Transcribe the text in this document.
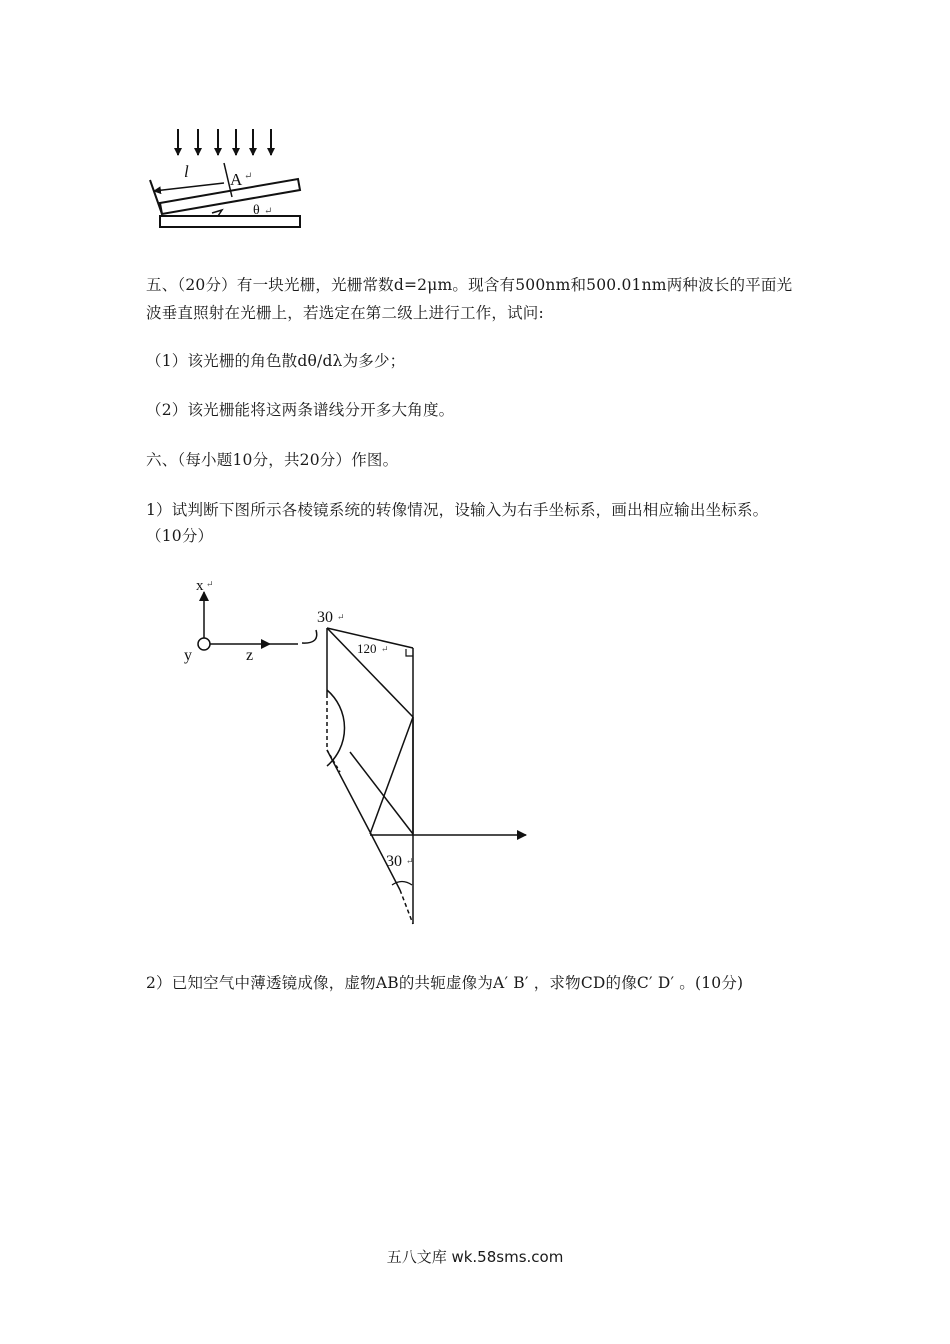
l A ↵
θ ↵
五、（20分）有一块光栅，光栅常数d=2μm。现含有500nm和500.01nm两种波长的平面光
波垂直照射在光栅上，若选定在第二级上进行工作，试问:
（1）该光栅的角色散dθ/dλ为多少；
（2）该光栅能将这两条谱线分开多大角度。
六、（每小题10分，共20分）作图。
1）试判断下图所示各棱镜系统的转像情况，设输入为右手坐标系，画出相应输出坐标系。
（10分）
x ↵
y	z
30 ↵
120 ↵
30 ↵
2）已知空气中薄透镜成像，虚物AB的共轭虚像为A′ B′ ，求物CD的像C′ D′ 。(10分)
五八文库 wk.58sms.com
